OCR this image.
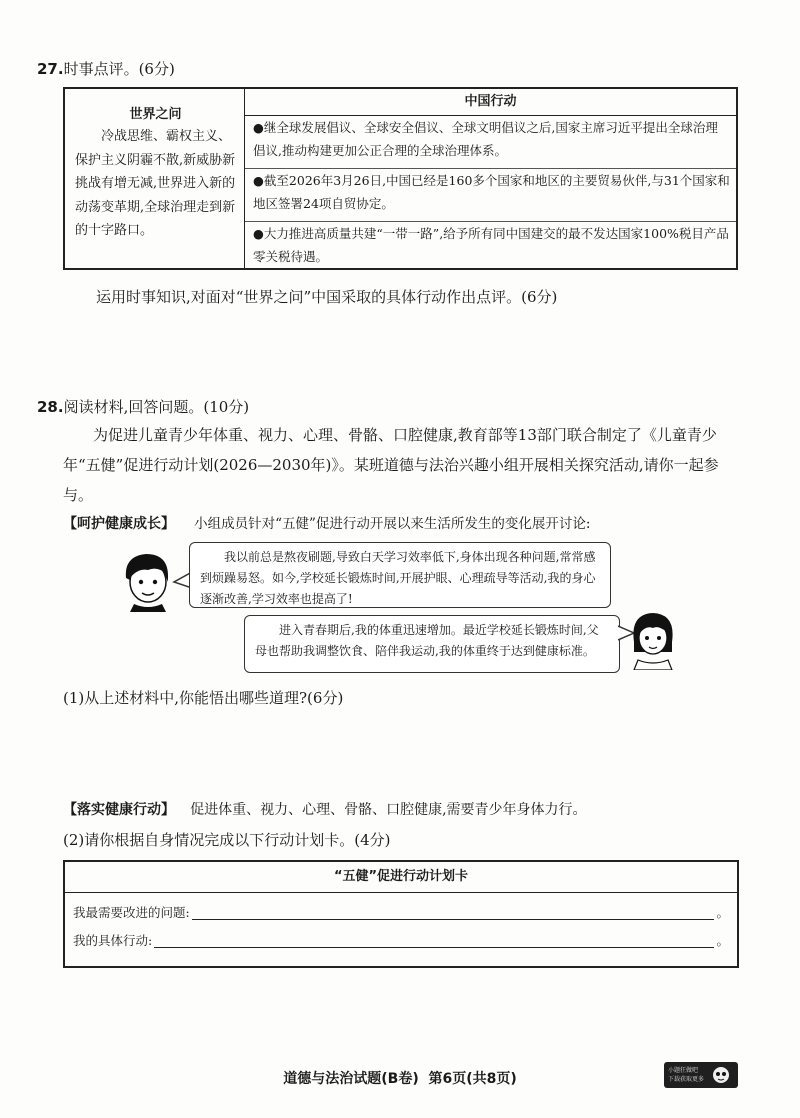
27.时事点评。(6分)
世界之问
冷战思维、霸权主义、保护主义阴霾不散,新威胁新挑战有增无减,世界进入新的动荡变革期,全球治理走到新的十字路口。
中国行动
●继全球发展倡议、全球安全倡议、全球文明倡议之后,国家主席习近平提出全球治理倡议,推动构建更加公正合理的全球治理体系。
●截至2026年3月26日,中国已经是160多个国家和地区的主要贸易伙伴,与31个国家和地区签署24项自贸协定。
●大力推进高质量共建“一带一路”,给予所有同中国建交的最不发达国家100%税目产品零关税待遇。
运用时事知识,对面对“世界之问”中国采取的具体行动作出点评。(6分)
28.阅读材料,回答问题。(10分)
为促进儿童青少年体重、视力、心理、骨骼、口腔健康,教育部等13部门联合制定了《儿童青少年“五健”促进行动计划(2026—2030年)》。某班道德与法治兴趣小组开展相关探究活动,请你一起参与。
【呵护健康成长】 小组成员针对“五健”促进行动开展以来生活所发生的变化展开讨论:
我以前总是熬夜刷题,导致白天学习效率低下,身体出现各种问题,常常感到烦躁易怒。如今,学校延长锻炼时间,开展护眼、心理疏导等活动,我的身心逐渐改善,学习效率也提高了!
进入青春期后,我的体重迅速增加。最近学校延长锻炼时间,父母也帮助我调整饮食、陪伴我运动,我的体重终于达到健康标准。
(1)从上述材料中,你能悟出哪些道理?(6分)
【落实健康行动】 促进体重、视力、心理、骨骼、口腔健康,需要青少年身体力行。
(2)请你根据自身情况完成以下行动计划卡。(4分)
“五健”促进行动计划卡
我最需要改进的问题:	。
我的具体行动:	。
道德与法治试题(B卷)  第6页(共8页)
小题狂做吧
下载获取更多
